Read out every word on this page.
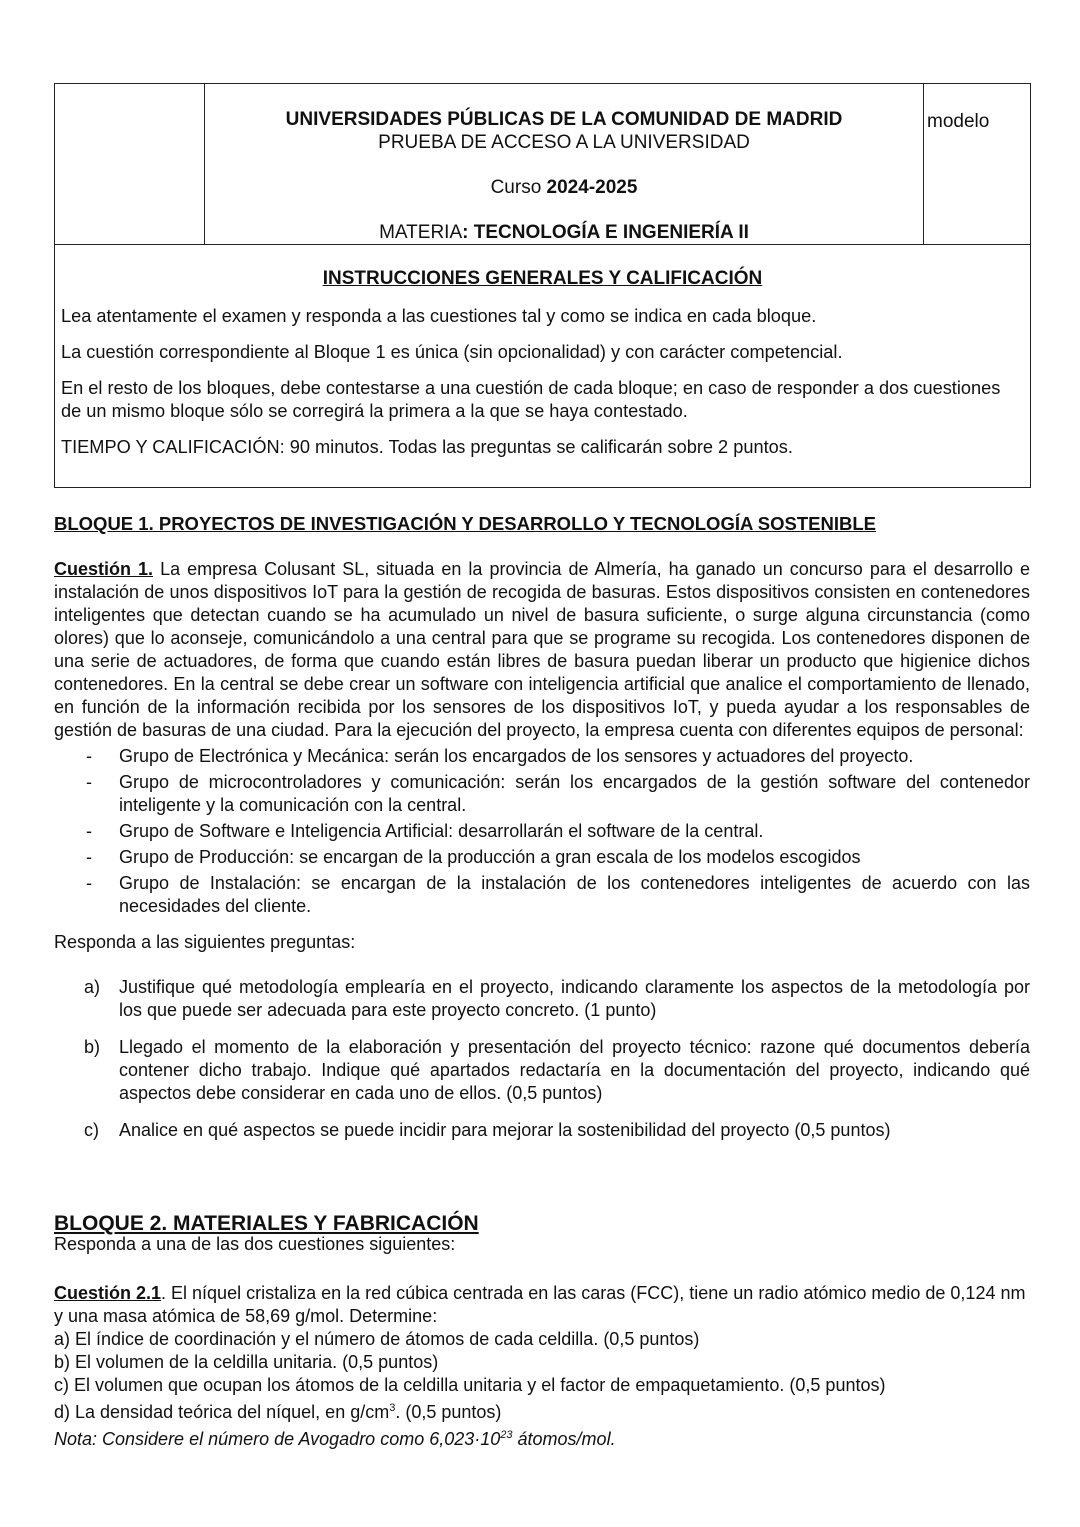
UNIVERSIDADES PÚBLICAS DE LA COMUNIDAD DE MADRID
PRUEBA DE ACCESO A LA UNIVERSIDAD
Curso 2024-2025
MATERIA: TECNOLOGÍA E INGENIERÍA II
modelo
INSTRUCCIONES GENERALES Y CALIFICACIÓN

Lea atentamente el examen y responda a las cuestiones tal y como se indica en cada bloque.

La cuestión correspondiente al Bloque 1 es única (sin opcionalidad) y con carácter competencial.

En el resto de los bloques, debe contestarse a una cuestión de cada bloque; en caso de responder a dos cuestiones de un mismo bloque sólo se corregirá la primera a la que se haya contestado.

TIEMPO Y CALIFICACIÓN: 90 minutos. Todas las preguntas se calificarán sobre 2 puntos.

BLOQUE 1. PROYECTOS DE INVESTIGACIÓN Y DESARROLLO Y TECNOLOGÍA SOSTENIBLE

Cuestión 1. La empresa Colusant SL, situada en la provincia de Almería, ha ganado un concurso para el desarrollo e instalación de unos dispositivos IoT para la gestión de recogida de basuras. Estos dispositivos consisten en contenedores inteligentes que detectan cuando se ha acumulado un nivel de basura suficiente, o surge alguna circunstancia (como olores) que lo aconseje, comunicándolo a una central para que se programe su recogida. Los contenedores disponen de una serie de actuadores, de forma que cuando están libres de basura puedan liberar un producto que higienice dichos contenedores. En la central se debe crear un software con inteligencia artificial que analice el comportamiento de llenado, en función de la información recibida por los sensores de los dispositivos IoT, y pueda ayudar a los responsables de gestión de basuras de una ciudad. Para la ejecución del proyecto, la empresa cuenta con diferentes equipos de personal:

- Grupo de Electrónica y Mecánica: serán los encargados de los sensores y actuadores del proyecto.
- Grupo de microcontroladores y comunicación: serán los encargados de la gestión software del contenedor inteligente y la comunicación con la central.
- Grupo de Software e Inteligencia Artificial: desarrollarán el software de la central.
- Grupo de Producción: se encargan de la producción a gran escala de los modelos escogidos
- Grupo de Instalación: se encargan de la instalación de los contenedores inteligentes de acuerdo con las necesidades del cliente.

Responda a las siguientes preguntas:

a) Justifique qué metodología emplearía en el proyecto, indicando claramente los aspectos de la metodología por los que puede ser adecuada para este proyecto concreto. (1 punto)
b) Llegado el momento de la elaboración y presentación del proyecto técnico: razone qué documentos debería contener dicho trabajo. Indique qué apartados redactaría en la documentación del proyecto, indicando qué aspectos debe considerar en cada uno de ellos. (0,5 puntos)
c) Analice en qué aspectos se puede incidir para mejorar la sostenibilidad del proyecto (0,5 puntos)
BLOQUE 2. MATERIALES Y FABRICACIÓN
Responda a una de las dos cuestiones siguientes:

Cuestión 2.1. El níquel cristaliza en la red cúbica centrada en las caras (FCC), tiene un radio atómico medio de 0,124 nm y una masa atómica de 58,69 g/mol. Determine:

a) El índice de coordinación y el número de átomos de cada celdilla. (0,5 puntos)
b) El volumen de la celdilla unitaria. (0,5 puntos)
c) El volumen que ocupan los átomos de la celdilla unitaria y el factor de empaquetamiento. (0,5 puntos)
d) La densidad teórica del níquel, en $g/cm^3$. (0,5 puntos)
Nota: Considere el número de Avogadro como $6,023\cdot 10^{23}$ átomos/mol.
